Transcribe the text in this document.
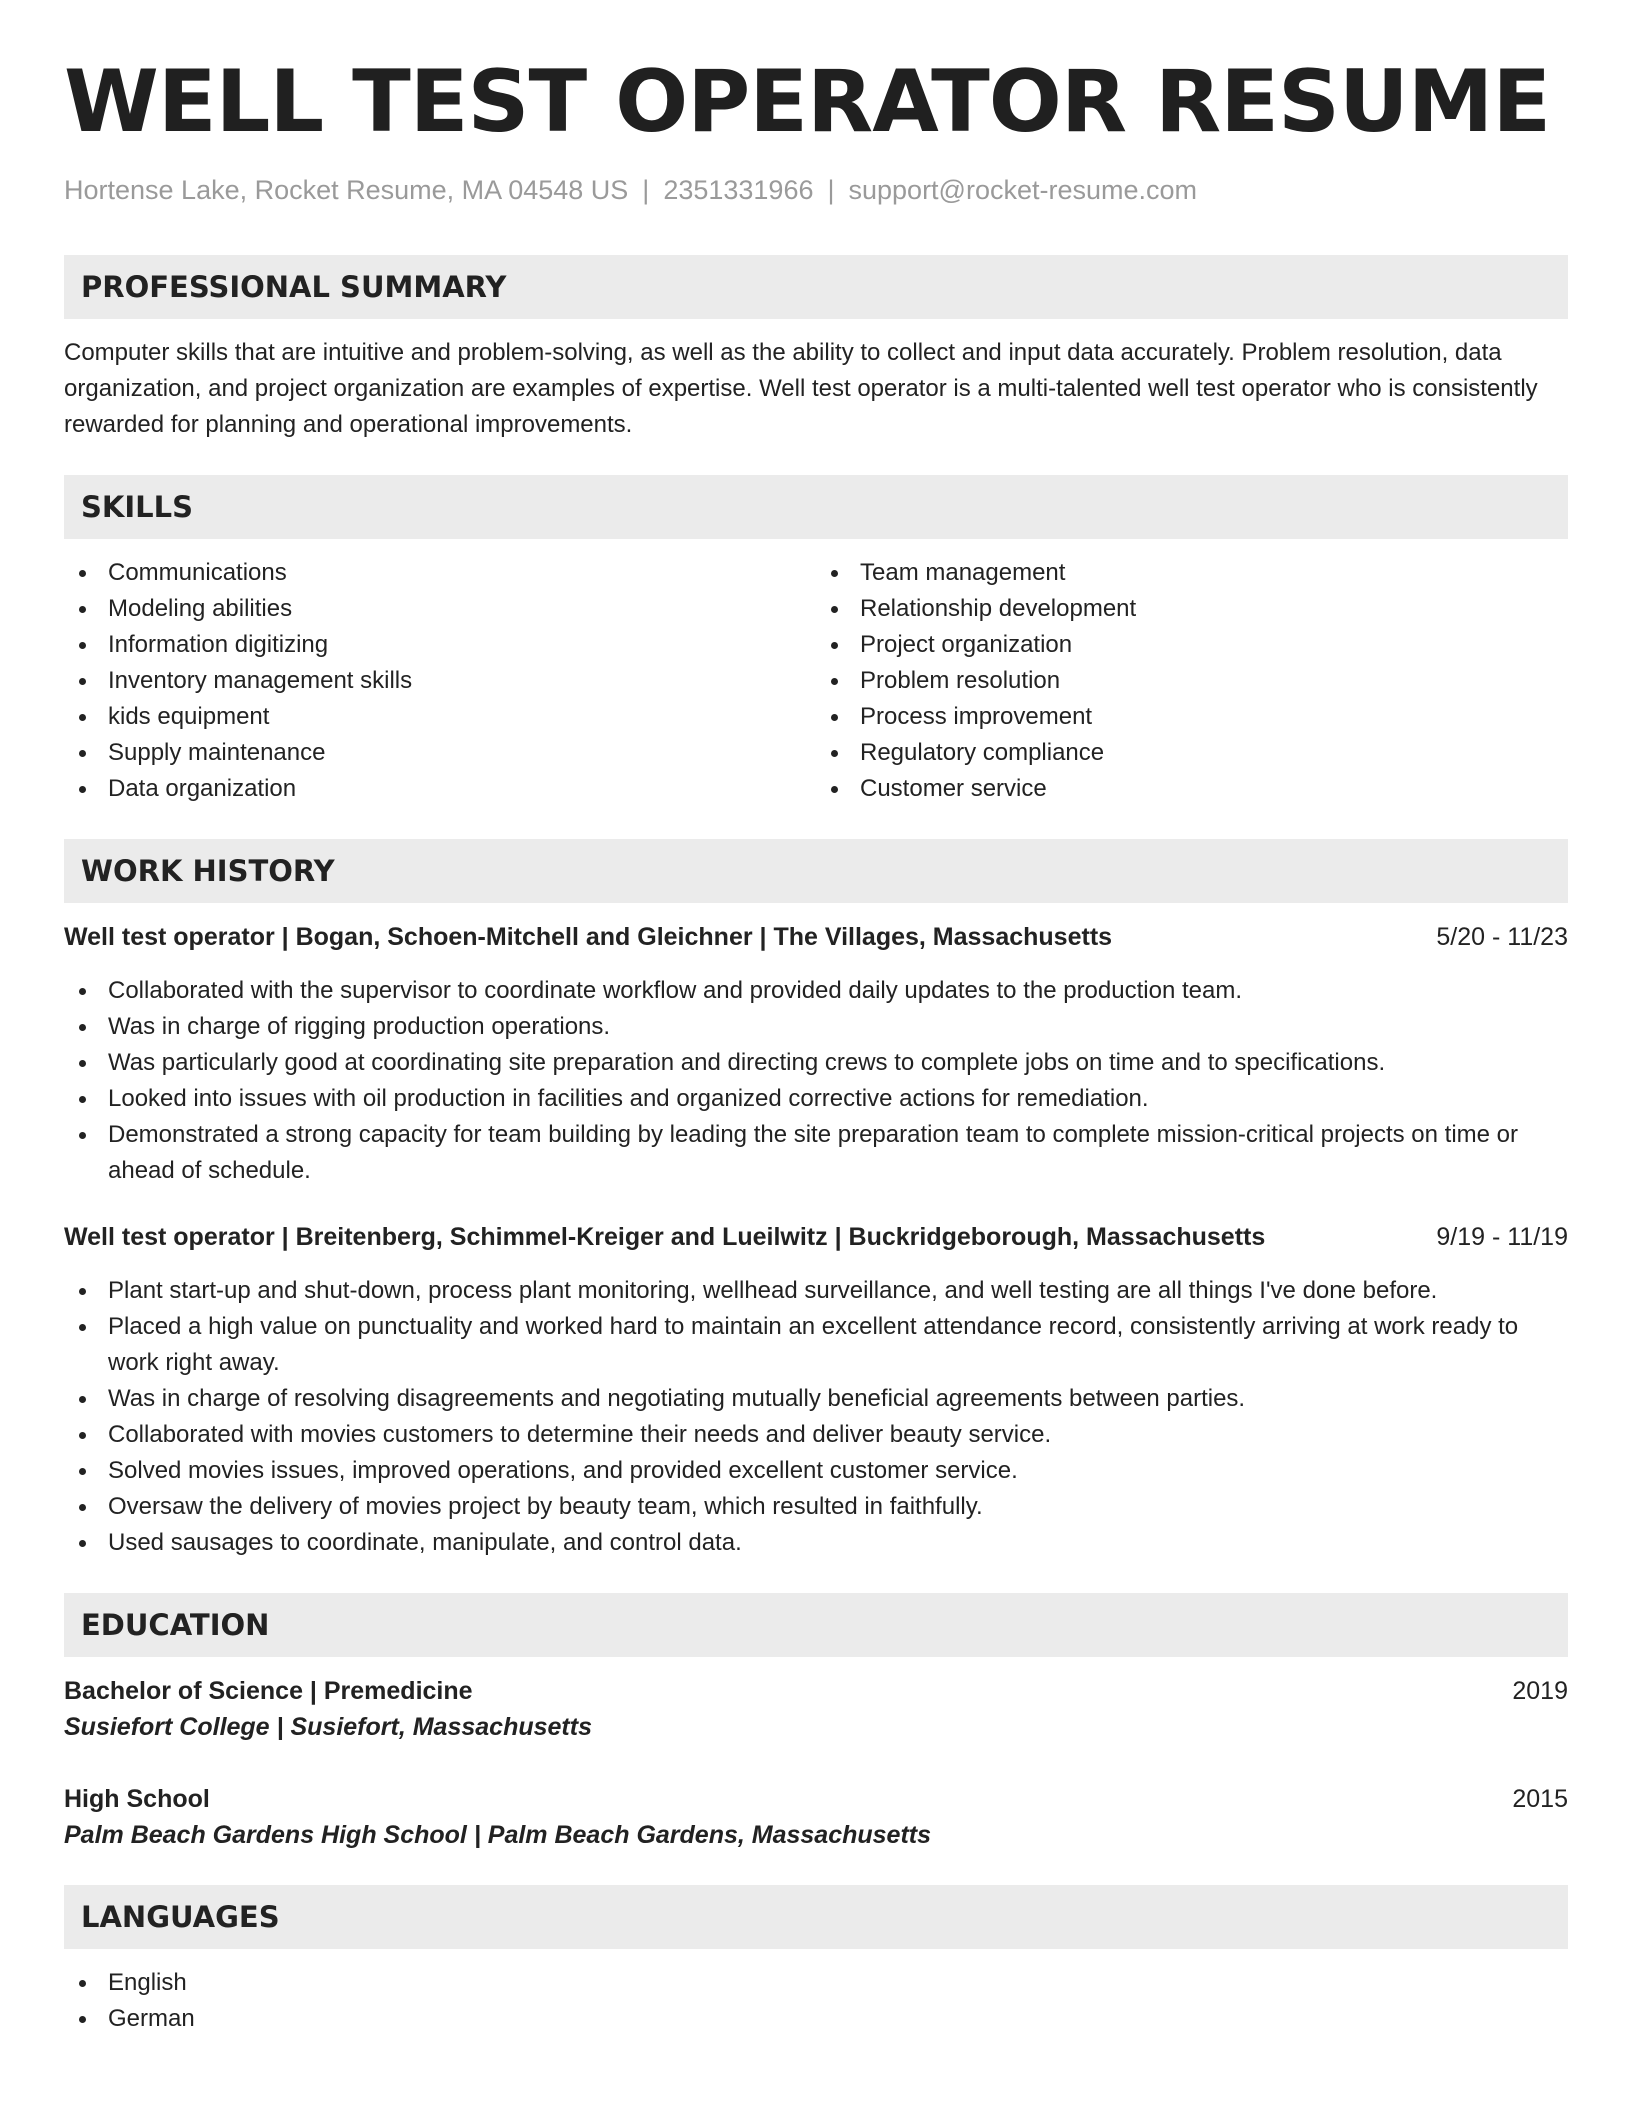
WELL TEST OPERATOR RESUME
Hortense Lake, Rocket Resume, MA 04548 US | 2351331966 | support@rocket-resume.com
PROFESSIONAL SUMMARY

Computer skills that are intuitive and problem-solving, as well as the ability to collect and input data accurately. Problem resolution, data organization, and project organization are examples of expertise. Well test operator is a multi-talented well test operator who is consistently rewarded for planning and operational improvements.

SKILLS
Communications
Modeling abilities
Information digitizing
Inventory management skills
kids equipment
Supply maintenance
Data organization
Team management
Relationship development
Project organization
Problem resolution
Process improvement
Regulatory compliance
Customer service
WORK HISTORY
Well test operator | Bogan, Schoen-Mitchell and Gleichner | The Villages, Massachusetts	5/20 - 11/23
Collaborated with the supervisor to coordinate workflow and provided daily updates to the production team.
Was in charge of rigging production operations.
Was particularly good at coordinating site preparation and directing crews to complete jobs on time and to specifications.
Looked into issues with oil production in facilities and organized corrective actions for remediation.
Demonstrated a strong capacity for team building by leading the site preparation team to complete mission-critical projects on time or ahead of schedule.
Well test operator | Breitenberg, Schimmel-Kreiger and Lueilwitz | Buckridgeborough, Massachusetts	9/19 - 11/19
Plant start-up and shut-down, process plant monitoring, wellhead surveillance, and well testing are all things I've done before.
Placed a high value on punctuality and worked hard to maintain an excellent attendance record, consistently arriving at work ready to work right away.
Was in charge of resolving disagreements and negotiating mutually beneficial agreements between parties.
Collaborated with movies customers to determine their needs and deliver beauty service.
Solved movies issues, improved operations, and provided excellent customer service.
Oversaw the delivery of movies project by beauty team, which resulted in faithfully.
Used sausages to coordinate, manipulate, and control data.
EDUCATION
Bachelor of Science | Premedicine	2019
Susiefort College | Susiefort, Massachusetts
High School	2015
Palm Beach Gardens High School | Palm Beach Gardens, Massachusetts
LANGUAGES
English
German
